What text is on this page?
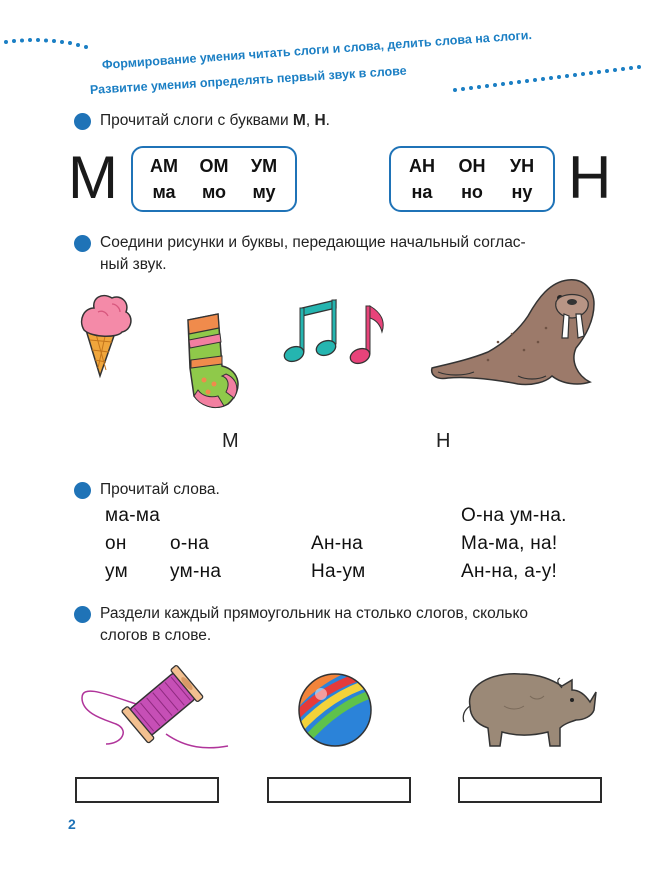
Формирование умения читать слоги и слова, делить слова на слоги.
Развитие умения определять первый звук в слове
Прочитай слоги с буквами М, Н.
М	АМ	ОМ	УМ
ма	мо	му
АН	ОН	УН
на	но	ну Н
Соедини рисунки и буквы, передающие начальный соглас-
ный звук.
М	Н
Прочитай слова.
ма-ма	О-на ум-на.
он о-на	Ан-на	Ма-ма, на!
ум ум-на	На-ум	Ан-на, а-у!
Раздели каждый прямоугольник на столько слогов, сколько
слогов в слове.
2
